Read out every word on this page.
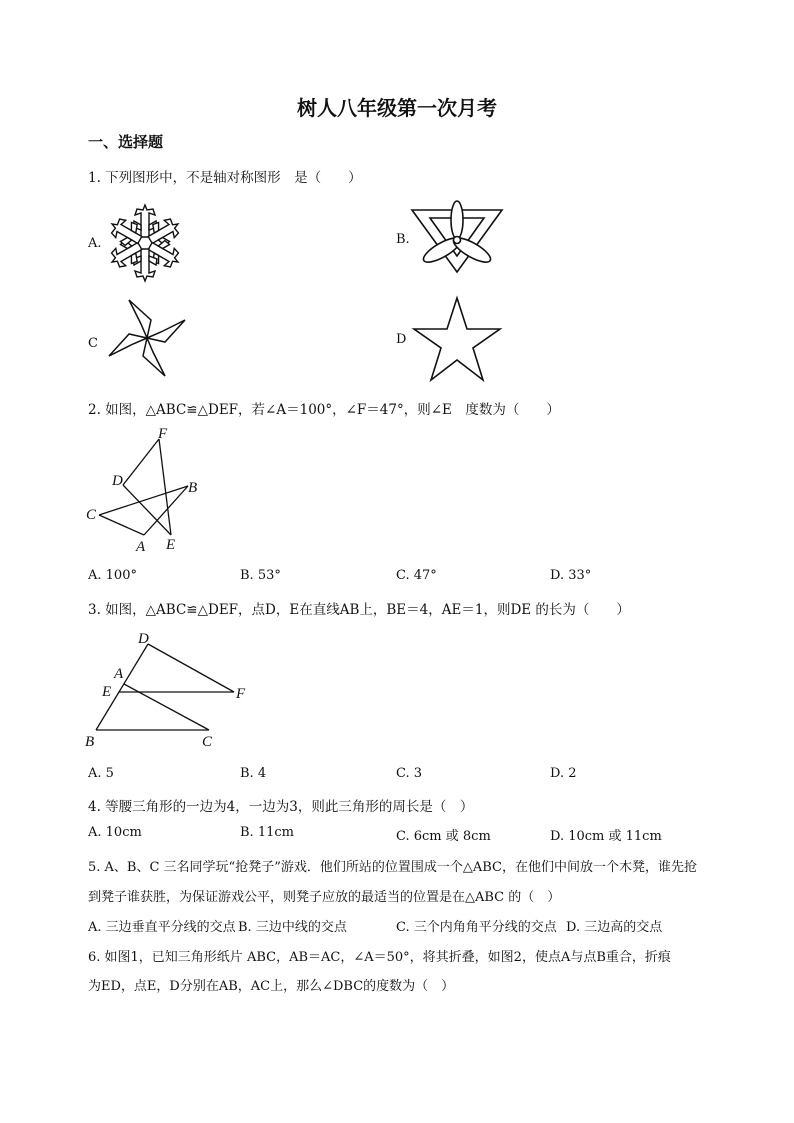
树人八年级第一次月考
一、选择题
1. 下列图形中，不是轴对称图形　是（　　）
A.	B.
C	D
2. 如图，△ABC≌△DEF，若∠A＝100°，∠F＝47°，则∠E　度数为（　　）
F
D	B
C
A E
A. 100°	B. 53°	C. 47°	D. 33°
3. 如图，△ABC≌△DEF，点D，E在直线AB上，BE＝4，AE＝1，则DE 的长为（　　）
D
A
E	F
B	C
A. 5	B. 4	C. 3	D. 2
4. 等腰三角形的一边为4，一边为3，则此三角形的周长是（　）
A. 10cm	B. 11cm	C. 6cm 或 8cm	D. 10cm 或 11cm
5. A、B、C 三名同学玩“抢凳子”游戏．他们所站的位置围成一个△ABC，在他们中间放一个木凳，谁先抢
到凳子谁获胜，为保证游戏公平，则凳子应放的最适当的位置是在△ABC 的（　）
A. 三边垂直平分线的交点 B. 三边中线的交点	C. 三个内角角平分线的交点 D. 三边高的交点
6. 如图1，已知三角形纸片 ABC，AB＝AC，∠A＝50°，将其折叠，如图2，使点A与点B重合，折痕
为ED，点E，D分别在AB，AC上，那么∠DBC的度数为（　）
